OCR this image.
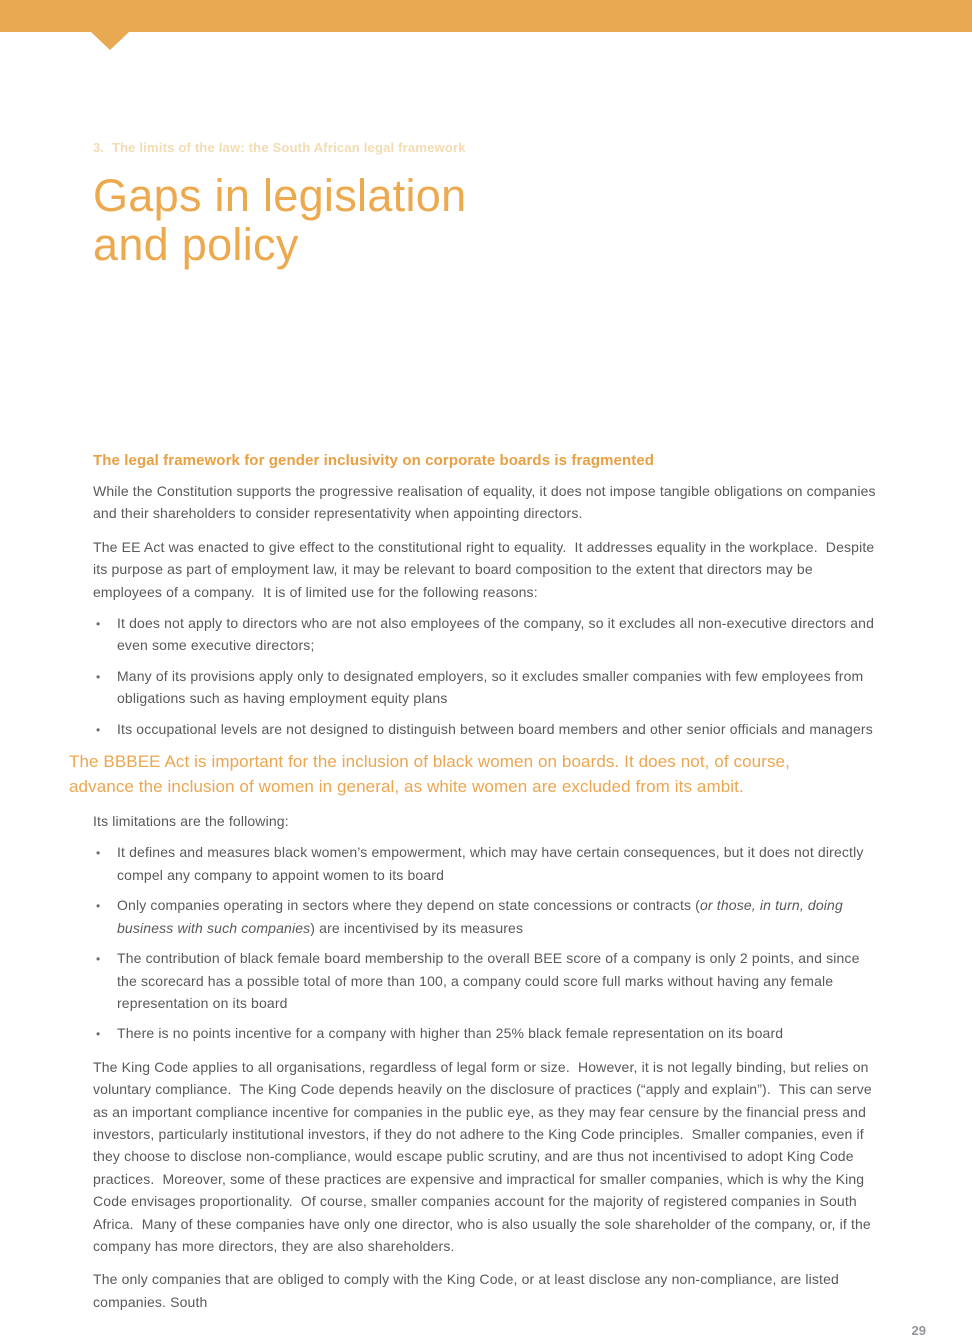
3.  The limits of the law: the South African legal framework

Gaps in legislation
and policy
The legal framework for gender inclusivity on corporate boards is fragmented

While the Constitution supports the progressive realisation of equality, it does not impose tangible obligations on companies and their shareholders to consider representativity when appointing directors.

The EE Act was enacted to give effect to the constitutional right to equality.  It addresses equality in the workplace.  Despite its purpose as part of employment law, it may be relevant to board composition to the extent that directors may be employees of a company.  It is of limited use for the following reasons:

• It does not apply to directors who are not also employees of the company, so it excludes all non-executive directors and even some executive directors;
• Many of its provisions apply only to designated employers, so it excludes smaller companies with few employees from obligations such as having employment equity plans
• Its occupational levels are not designed to distinguish between board members and other senior officials and managers

The BBBEE Act is important for the inclusion of black women on boards. It does not, of course,
advance the inclusion of women in general, as white women are excluded from its ambit.

Its limitations are the following:

• It defines and measures black women’s empowerment, which may have certain consequences, but it does not directly compel any company to appoint women to its board
• Only companies operating in sectors where they depend on state concessions or contracts (or those, in turn, doing business with such companies) are incentivised by its measures
• The contribution of black female board membership to the overall BEE score of a company is only 2 points, and since the scorecard has a possible total of more than 100, a company could score full marks without having any female representation on its board
• There is no points incentive for a company with higher than 25% black female representation on its board

The King Code applies to all organisations, regardless of legal form or size.  However, it is not legally binding, but relies on voluntary compliance.  The King Code depends heavily on the disclosure of practices (“apply and explain”).  This can serve as an important compliance incentive for companies in the public eye, as they may fear censure by the financial press and investors, particularly institutional investors, if they do not adhere to the King Code principles.  Smaller companies, even if they choose to disclose non-compliance, would escape public scrutiny, and are thus not incentivised to adopt King Code practices.  Moreover, some of these practices are expensive and impractical for smaller companies, which is why the King Code envisages proportionality.  Of course, smaller companies account for the majority of registered companies in South Africa.  Many of these companies have only one director, who is also usually the sole shareholder of the company, or, if the company has more directors, they are also shareholders.

The only companies that are obliged to comply with the King Code, or at least disclose any non-compliance, are listed companies. South

29
